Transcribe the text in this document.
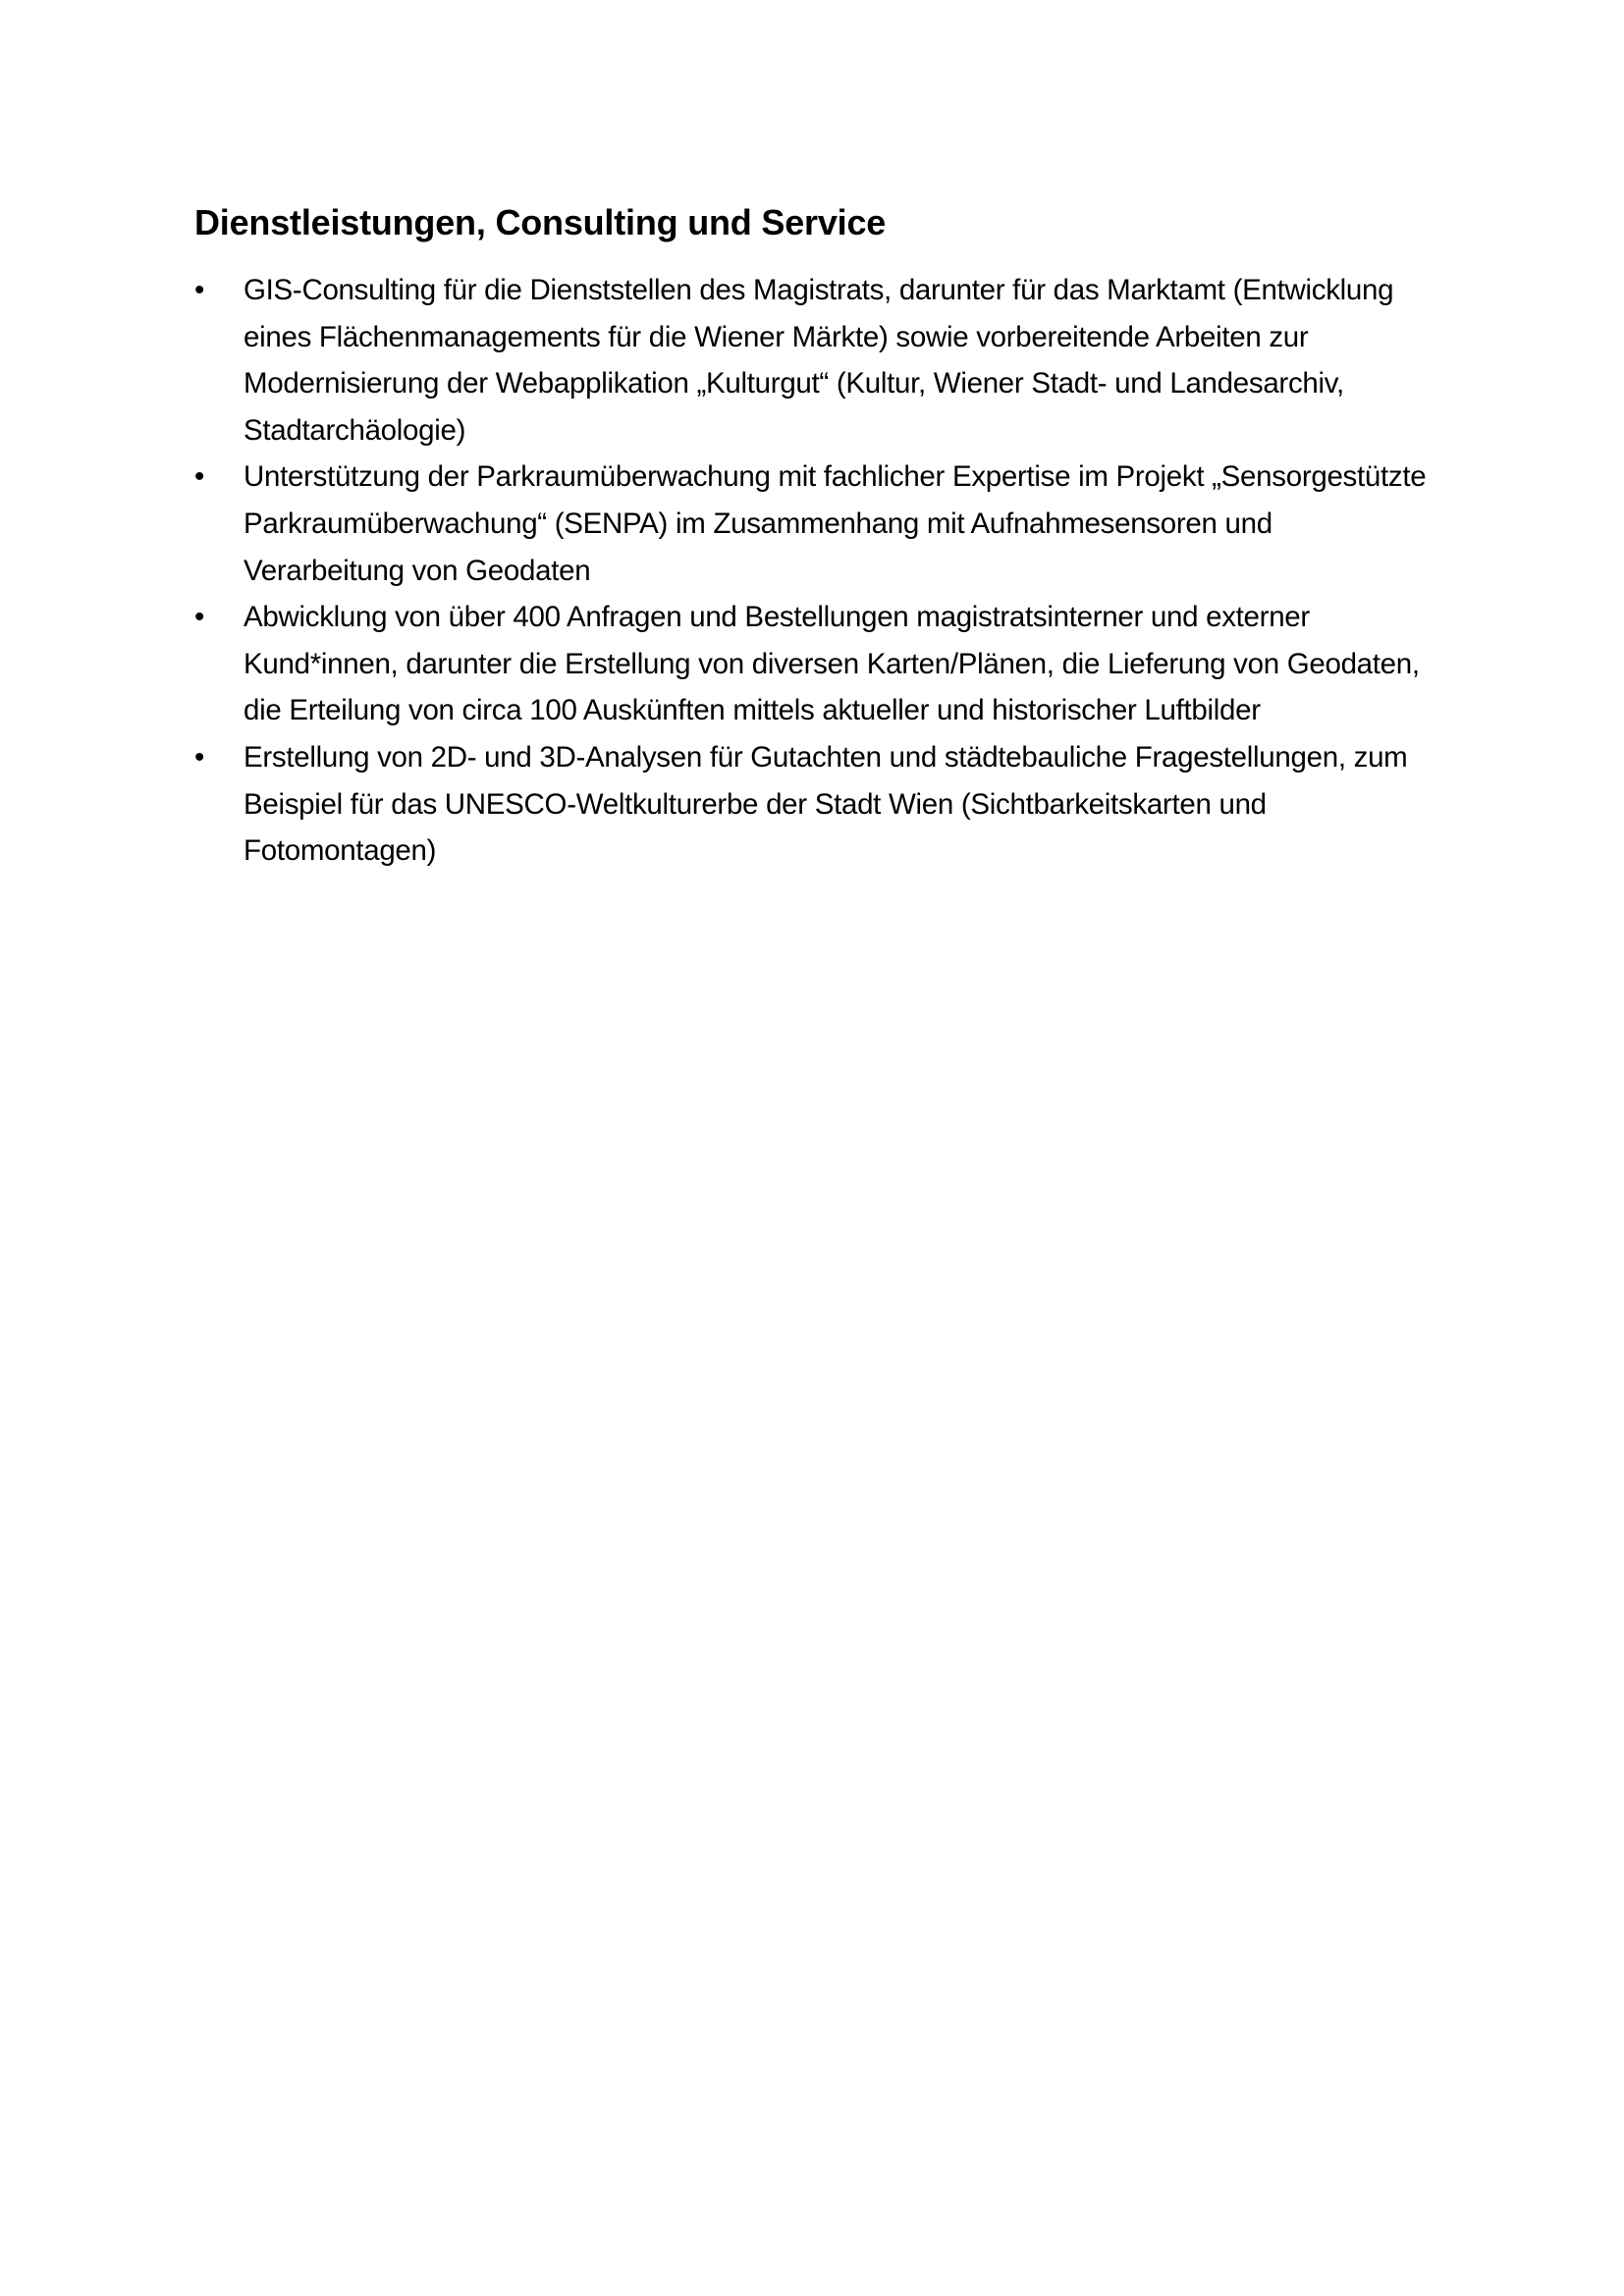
Dienstleistungen, Consulting und Service
•	GIS-Consulting für die Dienststellen des Magistrats, darunter für das Marktamt (Entwicklung eines Flächenmanagements für die Wiener Märkte) sowie vorbereitende Arbeiten zur Modernisierung der Webapplikation „Kulturgut“ (Kultur, Wiener Stadt- und Landesarchiv, Stadtarchäologie)
•	Unterstützung der Parkraumüberwachung mit fachlicher Expertise im Projekt „Sensorgestützte Parkraumüberwachung“ (SENPA) im Zusammenhang mit Aufnahmesensoren und Verarbeitung von Geodaten
•	Abwicklung von über 400 Anfragen und Bestellungen magistratsinterner und externer Kund*innen, darunter die Erstellung von diversen Karten/Plänen, die Lieferung von Geodaten, die Erteilung von circa 100 Auskünften mittels aktueller und historischer Luftbilder
•	Erstellung von 2D- und 3D-Analysen für Gutachten und städtebauliche Fragestellungen, zum Beispiel für das UNESCO-Weltkulturerbe der Stadt Wien (Sichtbarkeitskarten und Fotomontagen)
